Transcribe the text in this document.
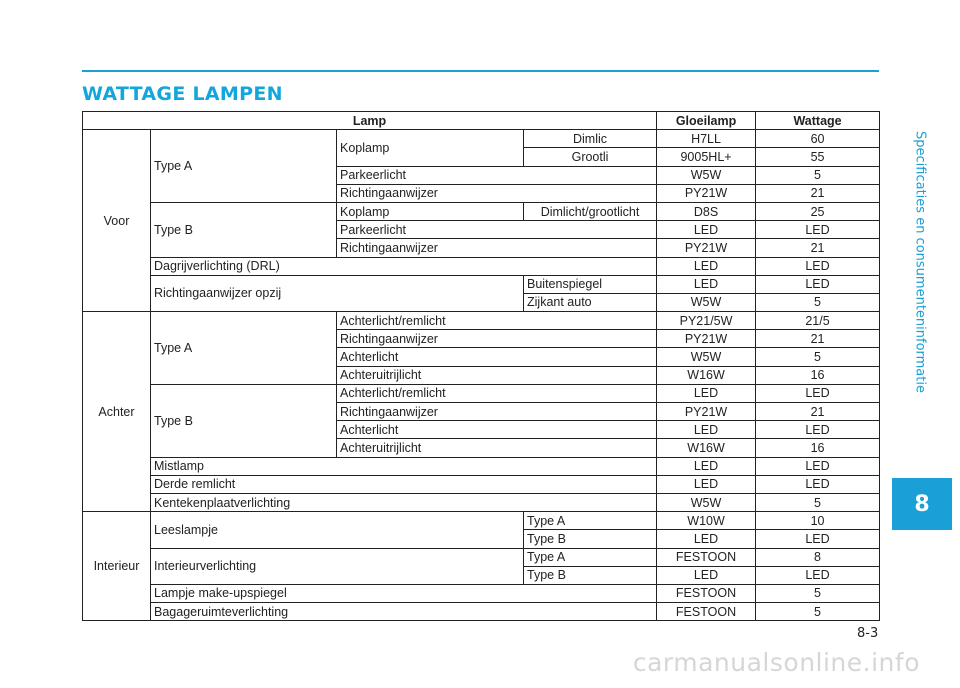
WATTAGE LAMPEN
Specificaties en consumenteninformatie
8
Lamp				Gloeilamp	Wattage
Voor	Type A	Koplamp	Dimlic	H7LL	60
			Grootli	9005HL+	55
		Parkeerlicht		W5W	5
		Richtingaanwijzer		PY21W	21
	Type B	Koplamp	Dimlicht/grootlicht	D8S	25
		Parkeerlicht		LED	LED
		Richtingaanwijzer		PY21W	21
	Dagrijverlichting (DRL)			LED	LED
	Richtingaanwijzer opzij		Buitenspiegel	LED	LED
			Zijkant auto	W5W	5
Achter	Type A	Achterlicht/remlicht		PY21/5W	21/5
		Richtingaanwijzer		PY21W	21
		Achterlicht		W5W	5
		Achteruitrijlicht		W16W	16
	Type B	Achterlicht/remlicht		LED	LED
		Richtingaanwijzer		PY21W	21
		Achterlicht		LED	LED
		Achteruitrijlicht		W16W	16
	Mistlamp			LED	LED
	Derde remlicht			LED	LED
	Kentekenplaatverlichting			W5W	5
Interieur	Leeslampje		Type A	W10W	10
			Type B	LED	LED
	Interieurverlichting		Type A	FESTOON	8
			Type B	LED	LED
	Lampje make-upspiegel			FESTOON	5
	Bagageruimteverlichting			FESTOON	5
8-3
carmanualsonline.info
